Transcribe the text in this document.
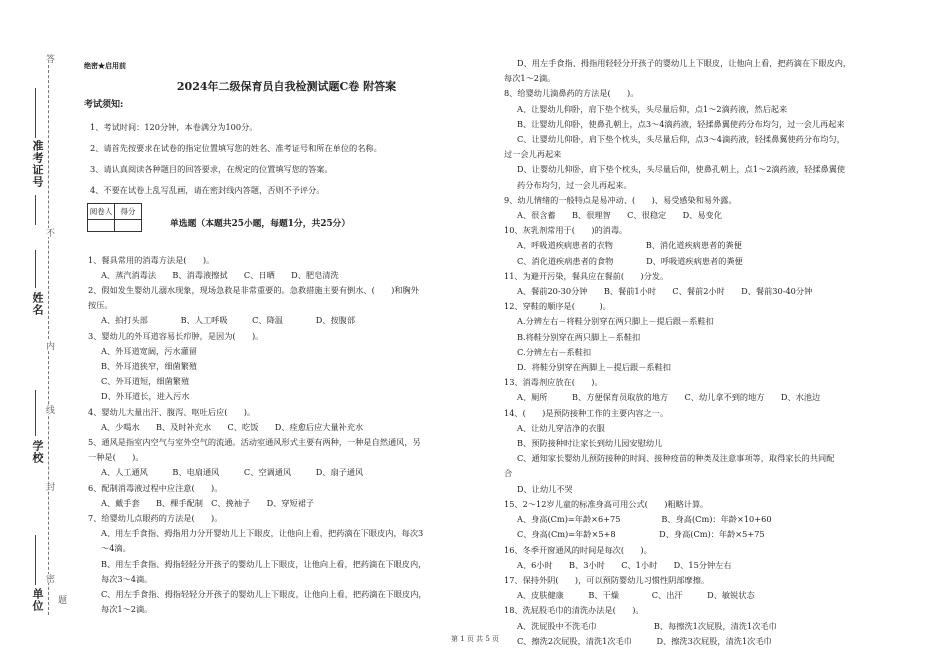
答
不
内
线
封
密
题
准考证号
姓名
学校
单位
绝密★启用前
2024年二级保育员自我检测试题C卷 附答案
考试须知:
1、考试时间：120分钟，本卷满分为100分。
2、请首先按要求在试卷的指定位置填写您的姓名、准考证号和所在单位的名称。
3、请认真阅读各种题目的回答要求，在规定的位置填写您的答案。
4、不要在试卷上乱写乱画，请在密封线内答题，否则不予评分。
阅卷人	得分

单选题（本题共25小题，每题1分，共25分）
1、餐具常用的消毒方法是(　　)。
A、蒸汽消毒法　　B、消毒液擦拭　　C、日晒　　D、肥皂清洗
2、假如发生婴幼儿溺水现象，现场急救是非常重要的。急救措施主要有倒水、(　　)和胸外
按压。
A、拍打头部　　　　B、人工呼吸　　　C、降温　　　　D、按腹部
3、婴幼儿的外耳道容易长疖肿，是因为(　　)。
A、外耳道宽阔，污水灌留
B、外耳道狭窄，细菌繁殖
C、外耳道短，细菌繁殖
D、外耳道长，进入污水
4、婴幼儿大量出汗、腹泻、呕吐后应(　　)。
A、少喝水　　B、及时补充水　　C、吃饭　　D、痊愈后应大量补充水
5、通风是指室内空气与室外空气的流通。活动室通风形式主要有两种，一种是自然通风，另
一种是(　　)。
A、人工通风　　　B、电扇通风　　　C、空调通风　　　D、扇子通风
6、配制消毒液过程中应注意(　　)。
A、戴手套　　B、棵手配制　C、挽袖子　　D、穿短裙子
7、给婴幼儿点眼药的方法是(　　)。
A、用左手食指、拇指用力分开婴幼儿上下眼皮，让他向上看，把药滴在下眼皮内，每次3
～4滴。
B、用左手食指、拇指轻轻分开孩子的婴幼儿上下眼皮，让他向上看，把药滴在下眼皮内，
每次3～4滴。
C、用左手食指、拇指轻轻分开孩子的婴幼儿上下眼皮，让他向上看，把药滴在下眼皮内，
每次1～2滴。
D、用左手食指、拇指用轻轻分开孩子的婴幼儿上下眼皮，让他向上看，把药滴在下眼皮内，
每次1～2滴。
8、给婴幼儿滴鼻药的方法是(　　)。
A、让婴幼儿仰卧，肩下垫个枕头，头尽量后仰，点1～2滴药液，然后起来
B、让婴幼儿仰卧，使鼻孔朝上，点3～4滴药液，轻揉鼻翼使药分布均匀，过一会儿再起来
C、让婴幼儿仰卧，肩下垫个枕头，头尽量后仰，点3～4滴药液，轻揉鼻翼使药分布均匀，
过一会儿再起来
D、让婴幼儿仰卧，肩下垫个枕头，头尽量后仰，使鼻孔朝上，点1～2滴药液，轻揉鼻翼使
药分布均匀，过一会儿再起来。
9、幼儿情绪的一般特点是易冲动、(　　)、易受感染和易外露。
A、很含蓄　　B、很理智　　C、很稳定　　D、易变化
10、灰乳剂常用于(　　)的消毒。
A、呼吸道疾病患者的衣物　　　　B、消化道疾病患者的粪便
C、消化道疾病患者的食物　　　　D、呼吸道疾病患者的粪便
11、为避开污染，餐具应在餐前(　　)分发。
A、餐前20-30分钟　　B、餐前1小时　　C、餐前2小时　　D、餐前30-40分钟
12、穿鞋的顺序是(　　　)。
A.分辨左右－将鞋分别穿在两只脚上－提后跟－系鞋扣
B.将鞋分别穿在两只脚上－系鞋扣
C.分辨左右－系鞋扣
D．将鞋分别穿在两脚上－提后跟－系鞋扣
13、消毒剂应放在(　　)。
A、厕所　　　B、方便保育员取放的地方　　C、幼儿拿不到的地方　　D、水池边
14、(　　)是预防接种工作的主要内容之一。
A、让幼儿穿洁净的衣服
B、预防接种时让家长到幼儿园安慰幼儿
C、通知家长婴幼儿预防接种的时间、接种疫苗的种类及注意事项等，取得家长的共同配
合
D、让幼儿不哭
15、2～12岁儿童的标准身高可用公式(　　)粗略计算。
A、身高(Cm)=年龄×6+75　　　　　B、身高(Cm)：年龄×10+60
C、身高(Cm)=年龄×5+8　　　　　 D、身高(Cm)：年龄×5+75
16、冬季开窗通风的时间是每次(　　)。
A、6小时　　B、3小时　　C、1小时　　D、15分钟左右
17、保持外阴(　　)，可以预防婴幼儿习惯性阴部摩擦。
A、皮肤健康　　　B、干燥　　　　C、出汗　　　D、敏锐状态
18、洗屁股毛巾的清洗办法是(　　)。
A、洗屁股中不洗毛巾　　　　　　　B、每擦洗1次屁股，清洗1次毛巾
C、擦洗2次屁股，清洗1次毛巾　　　D、擦洗3次屁股，清洗1次毛巾
第 1 页 共 5 页
